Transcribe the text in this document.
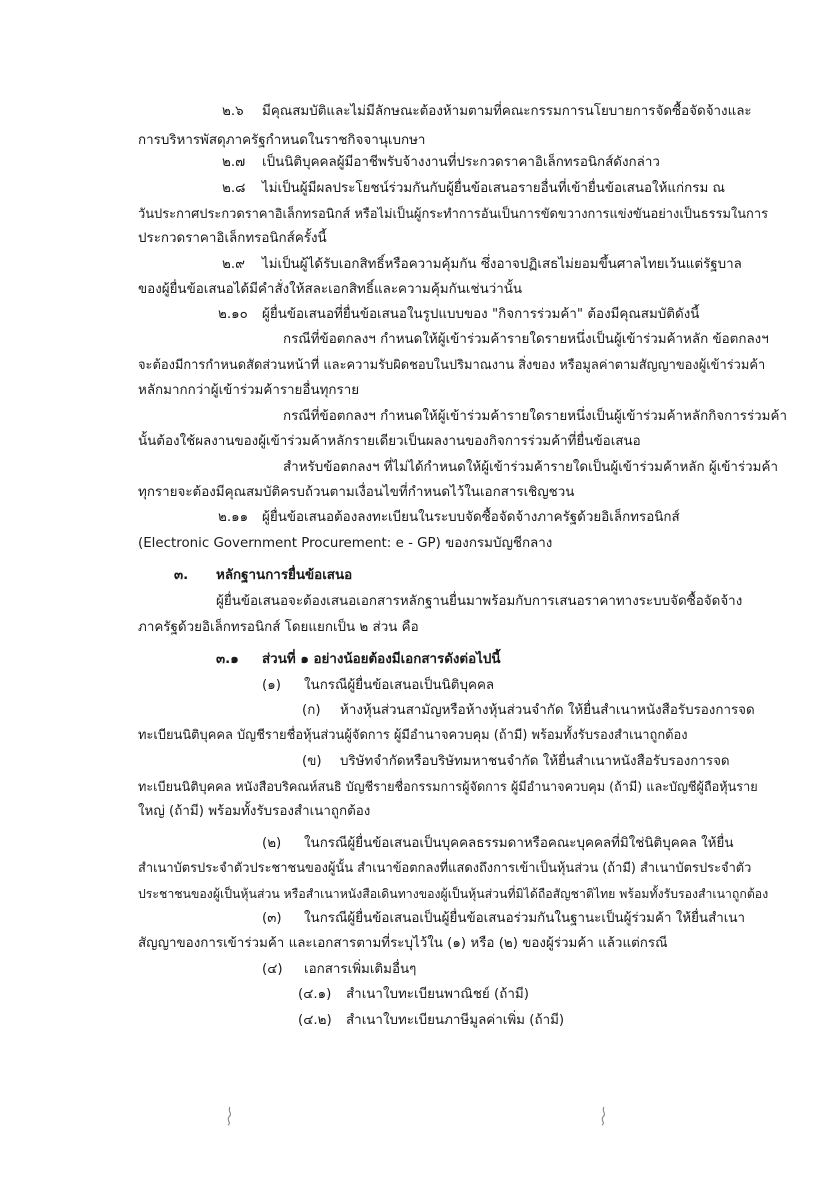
๒.๖ มีคุณสมบัติและไม่มีลักษณะต้องห้ามตามที่คณะกรรมการนโยบายการจัดซื้อจัดจ้างและ
การบริหารพัสดุภาครัฐกำหนดในราชกิจจานุเบกษา
๒.๗ เป็นนิติบุคคลผู้มีอาชีพรับจ้างงานที่ประกวดราคาอิเล็กทรอนิกส์ดังกล่าว
๒.๘ ไม่เป็นผู้มีผลประโยชน์ร่วมกันกับผู้ยื่นข้อเสนอรายอื่นที่เข้ายื่นข้อเสนอให้แก่กรม ณ
วันประกาศประกวดราคาอิเล็กทรอนิกส์ หรือไม่เป็นผู้กระทำการอันเป็นการขัดขวางการแข่งขันอย่างเป็นธรรมในการ
ประกวดราคาอิเล็กทรอนิกส์ครั้งนี้
๒.๙ ไม่เป็นผู้ได้รับเอกสิทธิ์หรือความคุ้มกัน ซึ่งอาจปฏิเสธไม่ยอมขึ้นศาลไทยเว้นแต่รัฐบาล
ของผู้ยื่นข้อเสนอได้มีคำสั่งให้สละเอกสิทธิ์และความคุ้มกันเช่นว่านั้น
๒.๑๐ ผู้ยื่นข้อเสนอที่ยื่นข้อเสนอในรูปแบบของ "กิจการร่วมค้า" ต้องมีคุณสมบัติดังนี้
กรณีที่ข้อตกลงฯ กำหนดให้ผู้เข้าร่วมค้ารายใดรายหนึ่งเป็นผู้เข้าร่วมค้าหลัก ข้อตกลงฯ
จะต้องมีการกำหนดสัดส่วนหน้าที่ และความรับผิดชอบในปริมาณงาน สิ่งของ หรือมูลค่าตามสัญญาของผู้เข้าร่วมค้า
หลักมากกว่าผู้เข้าร่วมค้ารายอื่นทุกราย
กรณีที่ข้อตกลงฯ กำหนดให้ผู้เข้าร่วมค้ารายใดรายหนึ่งเป็นผู้เข้าร่วมค้าหลักกิจการร่วมค้า
นั้นต้องใช้ผลงานของผู้เข้าร่วมค้าหลักรายเดียวเป็นผลงานของกิจการร่วมค้าที่ยื่นข้อเสนอ
สำหรับข้อตกลงฯ ที่ไม่ได้กำหนดให้ผู้เข้าร่วมค้ารายใดเป็นผู้เข้าร่วมค้าหลัก ผู้เข้าร่วมค้า
ทุกรายจะต้องมีคุณสมบัติครบถ้วนตามเงื่อนไขที่กำหนดไว้ในเอกสารเชิญชวน
๒.๑๑ ผู้ยื่นข้อเสนอต้องลงทะเบียนในระบบจัดซื้อจัดจ้างภาครัฐด้วยอิเล็กทรอนิกส์
(Electronic Government Procurement: e - GP) ของกรมบัญชีกลาง
๓. หลักฐานการยื่นข้อเสนอ
ผู้ยื่นข้อเสนอจะต้องเสนอเอกสารหลักฐานยื่นมาพร้อมกับการเสนอราคาทางระบบจัดซื้อจัดจ้าง
ภาครัฐด้วยอิเล็กทรอนิกส์ โดยแยกเป็น ๒ ส่วน คือ
๓.๑ ส่วนที่ ๑ อย่างน้อยต้องมีเอกสารดังต่อไปนี้
(๑) ในกรณีผู้ยื่นข้อเสนอเป็นนิติบุคคล
(ก) ห้างหุ้นส่วนสามัญหรือห้างหุ้นส่วนจำกัด ให้ยื่นสำเนาหนังสือรับรองการจด
ทะเบียนนิติบุคคล บัญชีรายชื่อหุ้นส่วนผู้จัดการ ผู้มีอำนาจควบคุม (ถ้ามี) พร้อมทั้งรับรองสำเนาถูกต้อง
(ข) บริษัทจำกัดหรือบริษัทมหาชนจำกัด ให้ยื่นสำเนาหนังสือรับรองการจด
ทะเบียนนิติบุคคล หนังสือบริคณห์สนธิ บัญชีรายชื่อกรรมการผู้จัดการ ผู้มีอำนาจควบคุม (ถ้ามี) และบัญชีผู้ถือหุ้นราย
ใหญ่ (ถ้ามี) พร้อมทั้งรับรองสำเนาถูกต้อง
(๒) ในกรณีผู้ยื่นข้อเสนอเป็นบุคคลธรรมดาหรือคณะบุคคลที่มิใช่นิติบุคคล ให้ยื่น
สำเนาบัตรประจำตัวประชาชนของผู้นั้น สำเนาข้อตกลงที่แสดงถึงการเข้าเป็นหุ้นส่วน (ถ้ามี) สำเนาบัตรประจำตัว
ประชาชนของผู้เป็นหุ้นส่วน หรือสำเนาหนังสือเดินทางของผู้เป็นหุ้นส่วนที่มิได้ถือสัญชาติไทย พร้อมทั้งรับรองสำเนาถูกต้อง
(๓) ในกรณีผู้ยื่นข้อเสนอเป็นผู้ยื่นข้อเสนอร่วมกันในฐานะเป็นผู้ร่วมค้า ให้ยื่นสำเนา
สัญญาของการเข้าร่วมค้า และเอกสารตามที่ระบุไว้ใน (๑) หรือ (๒) ของผู้ร่วมค้า แล้วแต่กรณี
(๔) เอกสารเพิ่มเติมอื่นๆ
(๔.๑) สำเนาใบทะเบียนพาณิชย์ (ถ้ามี)
(๔.๒) สำเนาใบทะเบียนภาษีมูลค่าเพิ่ม (ถ้ามี)
